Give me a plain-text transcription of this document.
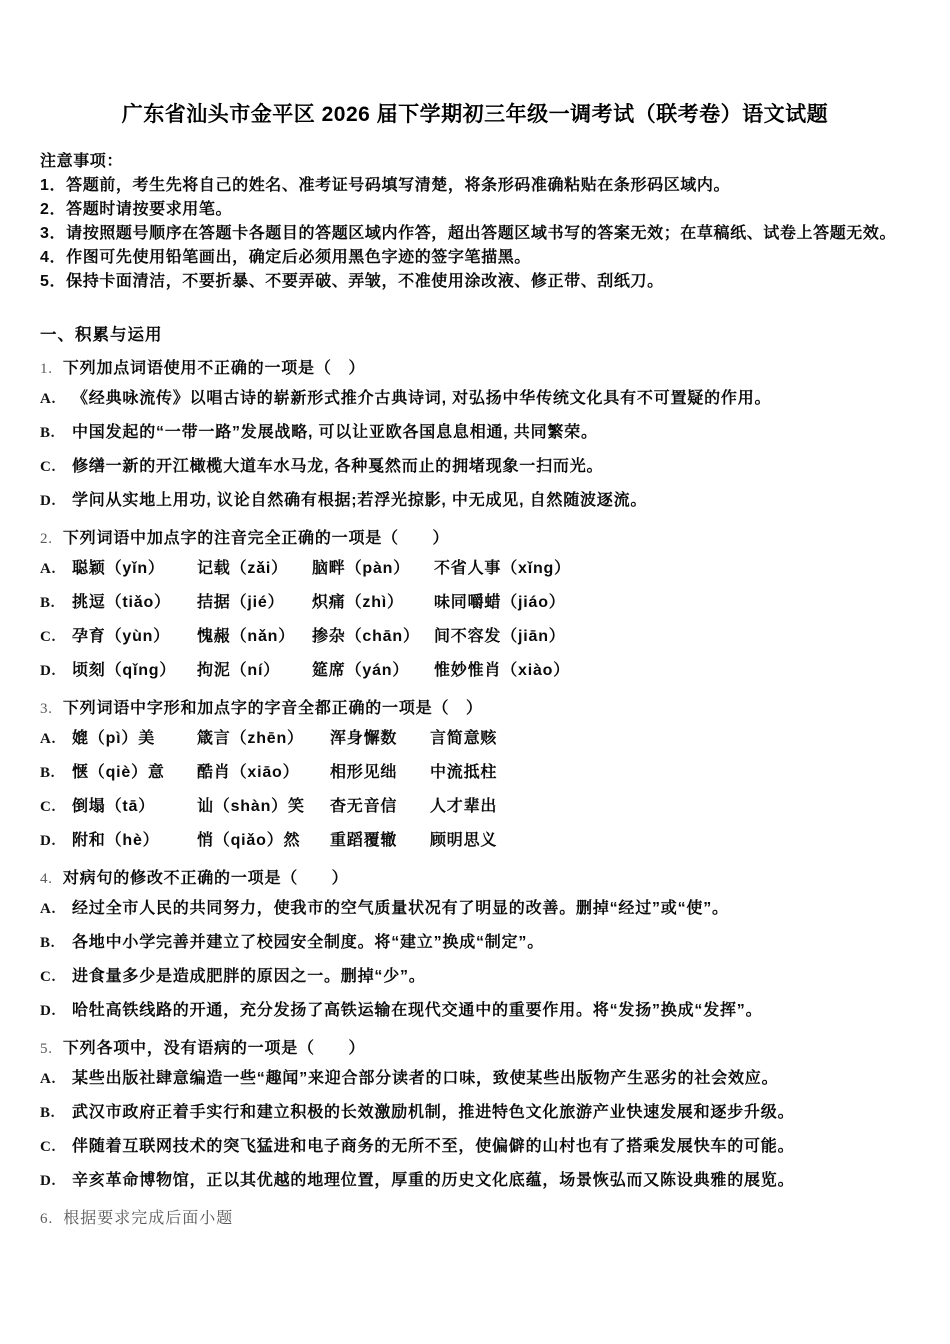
广东省汕头市金平区 2026 届下学期初三年级一调考试（联考卷）语文试题

注意事项：

1．答题前，考生先将自己的姓名、准考证号码填写清楚，将条形码准确粘贴在条形码区域内。

2．答题时请按要求用笔。

3．请按照题号顺序在答题卡各题目的答题区域内作答，超出答题区域书写的答案无效；在草稿纸、试卷上答题无效。

4．作图可先使用铅笔画出，确定后必须用黑色字迹的签字笔描黑。

5．保持卡面清洁，不要折暴、不要弄破、弄皱，不准使用涂改液、修正带、刮纸刀。

一、积累与运用
1. 下列加点词语使用不正确的一项是（　）
A. 《经典咏流传》以唱古诗的崭新形式推介古典诗词, 对弘扬中华传统文化具有不可置疑的作用。
B.	中国发起的“一带一路”发展战略, 可以让亚欧各国息息相通, 共同繁荣。
C. 修缮一新的开江橄榄大道车水马龙, 各种戛然而止的拥堵现象一扫而光。
D. 学问从实地上用功, 议论自然确有根据;若浮光掠影, 中无成见, 自然随波逐流。
2. 下列词语中加点字的注音完全正确的一项是（　　）
A. 聪颖（yǐn）	记载（zǎi）	脑畔（pàn）	不省人事（xǐng）
B.	挑逗（tiǎo）	拮据（jié）	炽痛（zhì）	味同嚼蜡（jiáo）
C. 孕育（yùn）	愧赧（nǎn）	掺杂（chān） 间不容发（jiān）
D. 顷刻（qǐng）	拘泥（ní）	筵席（yán）	惟妙惟肖（xiào）
3. 下列词语中字形和加点字的字音全都正确的一项是（　）
A. 媲（pì）美	箴言（zhēn）	浑身懈数	言简意赅
B.	惬（qiè）意	酷肖（xiāo）	相形见绌	中流抵柱
C. 倒塌（tā）	讪（shàn）笑	杳无音信	人才辈出
D. 附和（hè）	悄（qiǎo）然	重蹈覆辙	顾明思义
4. 对病句的修改不正确的一项是（　　）
A. 经过全市人民的共同努力，使我市的空气质量状况有了明显的改善。删掉“经过”或“使”。
B.	各地中小学完善并建立了校园安全制度。将“建立”换成“制定”。
C. 进食量多少是造成肥胖的原因之一。删掉“少”。
D. 哈牡高铁线路的开通，充分发扬了高铁运输在现代交通中的重要作用。将“发扬”换成“发挥”。
5. 下列各项中，没有语病的一项是（　　）
A. 某些出版社肆意编造一些“趣闻”来迎合部分读者的口味，致使某些出版物产生恶劣的社会效应。
B.	武汉市政府正着手实行和建立积极的长效激励机制，推进特色文化旅游产业快速发展和逐步升级。
C. 伴随着互联网技术的突飞猛进和电子商务的无所不至，使偏僻的山村也有了搭乘发展快车的可能。
D. 辛亥革命博物馆，正以其优越的地理位置，厚重的历史文化底蕴，场景恢弘而又陈设典雅的展览。
6. 根据要求完成后面小题
